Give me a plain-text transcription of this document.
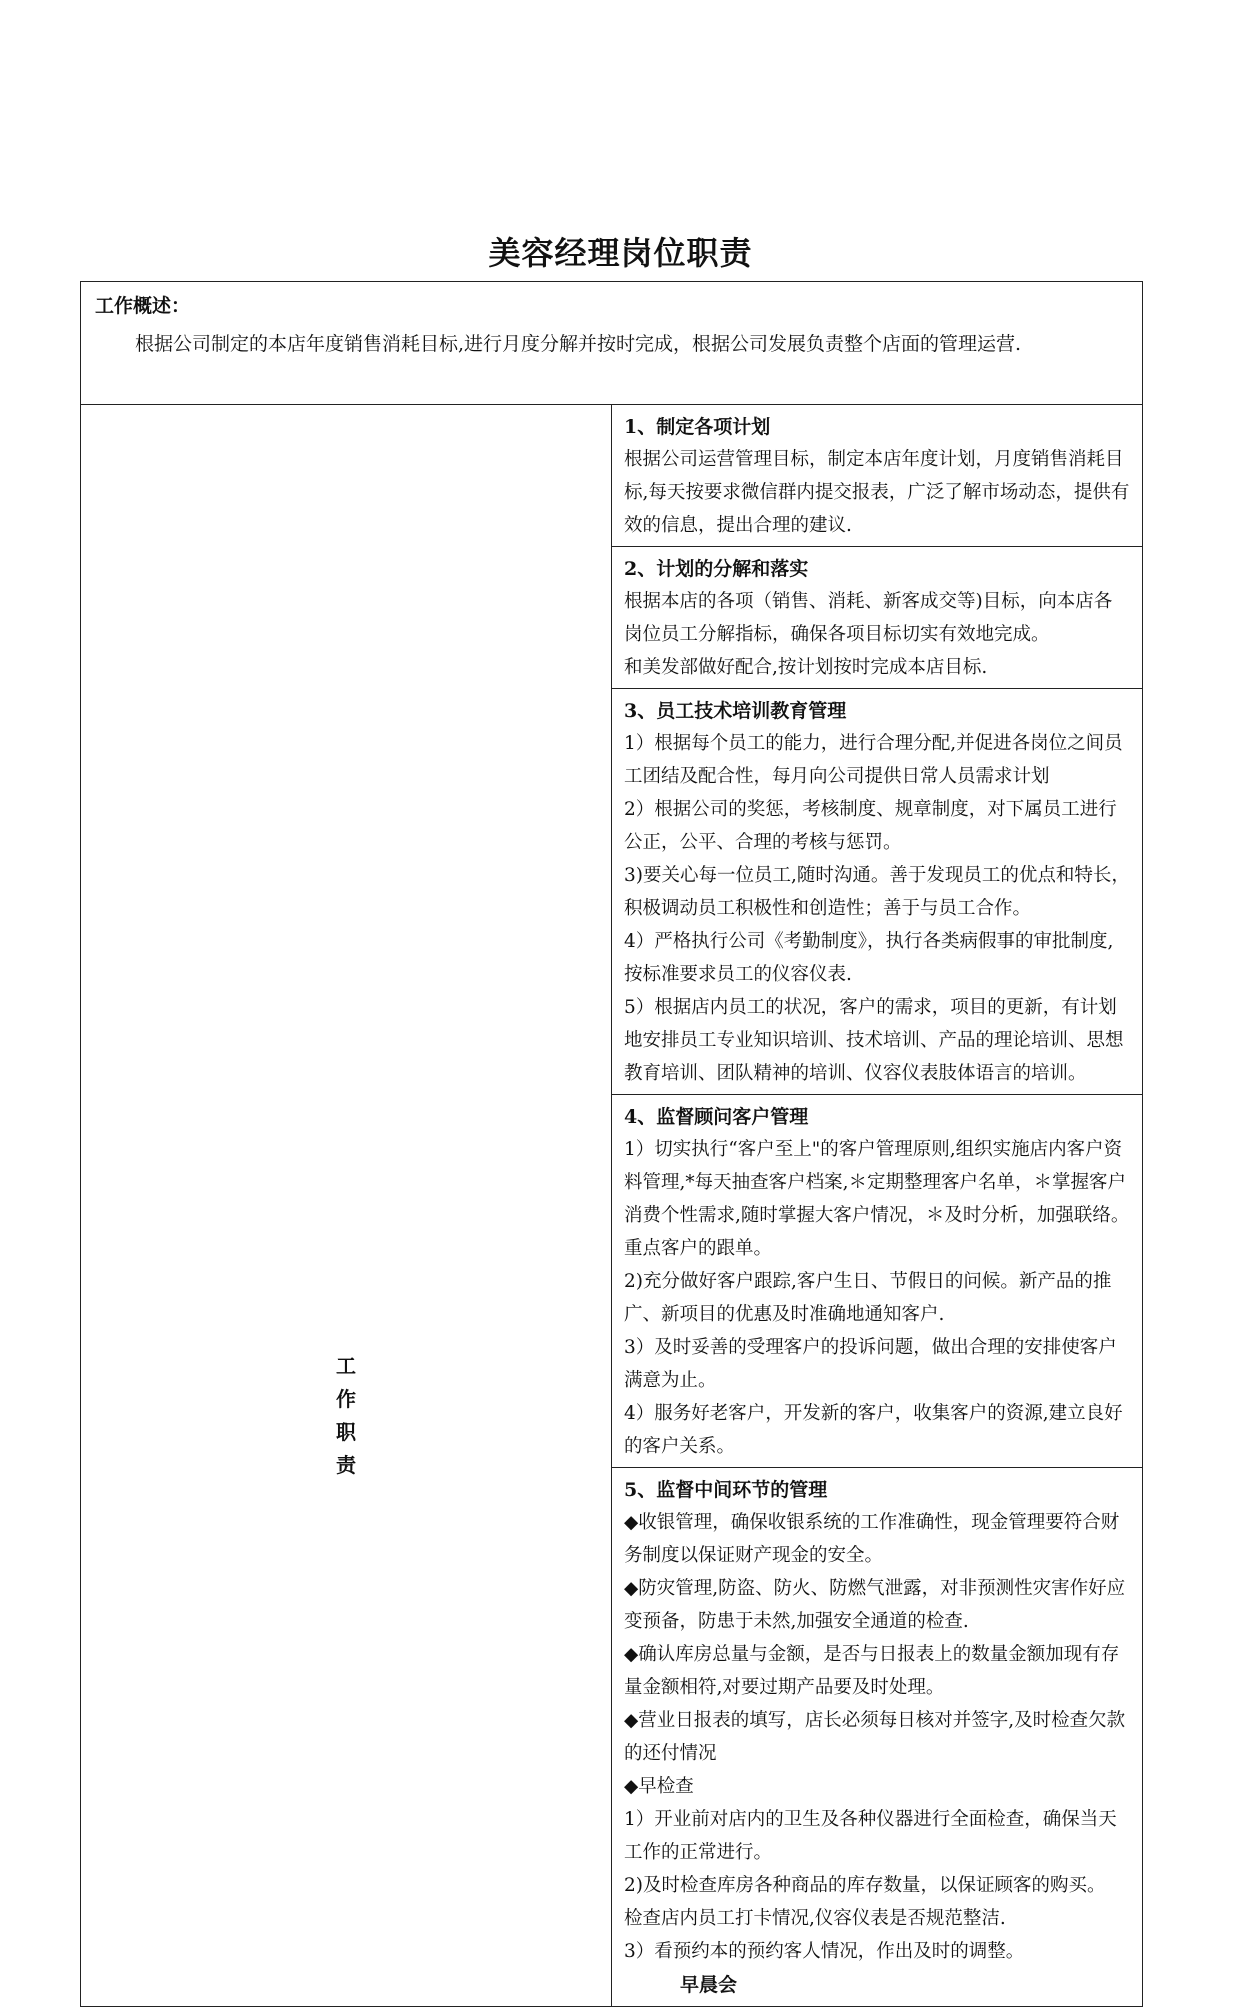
美容经理岗位职责
工作概述：
根据公司制定的本店年度销售消耗目标,进行月度分解并按时完成，根据公司发展负责整个店面的管理运营.

工作职责	
1、制定各项计划
根据公司运营管理目标，制定本店年度计划，月度销售消耗目标,每天按要求微信群内提交报表，广泛了解市场动态，提供有效的信息，提出合理的建议.

2、计划的分解和落实
根据本店的各项（销售、消耗、新客成交等)目标，向本店各岗位员工分解指标，确保各项目标切实有效地完成。
和美发部做好配合,按计划按时完成本店目标.

3、员工技术培训教育管理
1）根据每个员工的能力，进行合理分配,并促进各岗位之间员工团结及配合性，每月向公司提供日常人员需求计划
2）根据公司的奖惩，考核制度、规章制度，对下属员工进行公正，公平、合理的考核与惩罚。
3)要关心每一位员工,随时沟通。善于发现员工的优点和特长，积极调动员工积极性和创造性；善于与员工合作。
4）严格执行公司《考勤制度》，执行各类病假事的审批制度,按标准要求员工的仪容仪表.
5）根据店内员工的状况，客户的需求，项目的更新，有计划地安排员工专业知识培训、技术培训、产品的理论培训、思想教育培训、团队精神的培训、仪容仪表肢体语言的培训。

4、监督顾问客户管理
1）切实执行“客户至上"的客户管理原则,组织实施店内客户资料管理,*每天抽查客户档案,＊定期整理客户名单，＊掌握客户消费个性需求,随时掌握大客户情况，＊及时分析，加强联络。
重点客户的跟单。
2)充分做好客户跟踪,客户生日、节假日的问候。新产品的推广、新项目的优惠及时准确地通知客户.
3）及时妥善的受理客户的投诉问题，做出合理的安排使客户满意为止。
4）服务好老客户，开发新的客户，收集客户的资源,建立良好的客户关系。

5、监督中间环节的管理
◆收银管理，确保收银系统的工作准确性，现金管理要符合财务制度以保证财产现金的安全。
◆防灾管理,防盗、防火、防燃气泄露，对非预测性灾害作好应变预备，防患于未然,加强安全通道的检查.
◆确认库房总量与金额，是否与日报表上的数量金额加现有存量金额相符,对要过期产品要及时处理。
◆营业日报表的填写，店长必须每日核对并签字,及时检查欠款的还付情况
◆早检查
1）开业前对店内的卫生及各种仪器进行全面检查，确保当天工作的正常进行。
2)及时检查库房各种商品的库存数量，以保证顾客的购买。
检查店内员工打卡情况,仪容仪表是否规范整洁.
3）看预约本的预约客人情况，作出及时的调整。
早晨会
